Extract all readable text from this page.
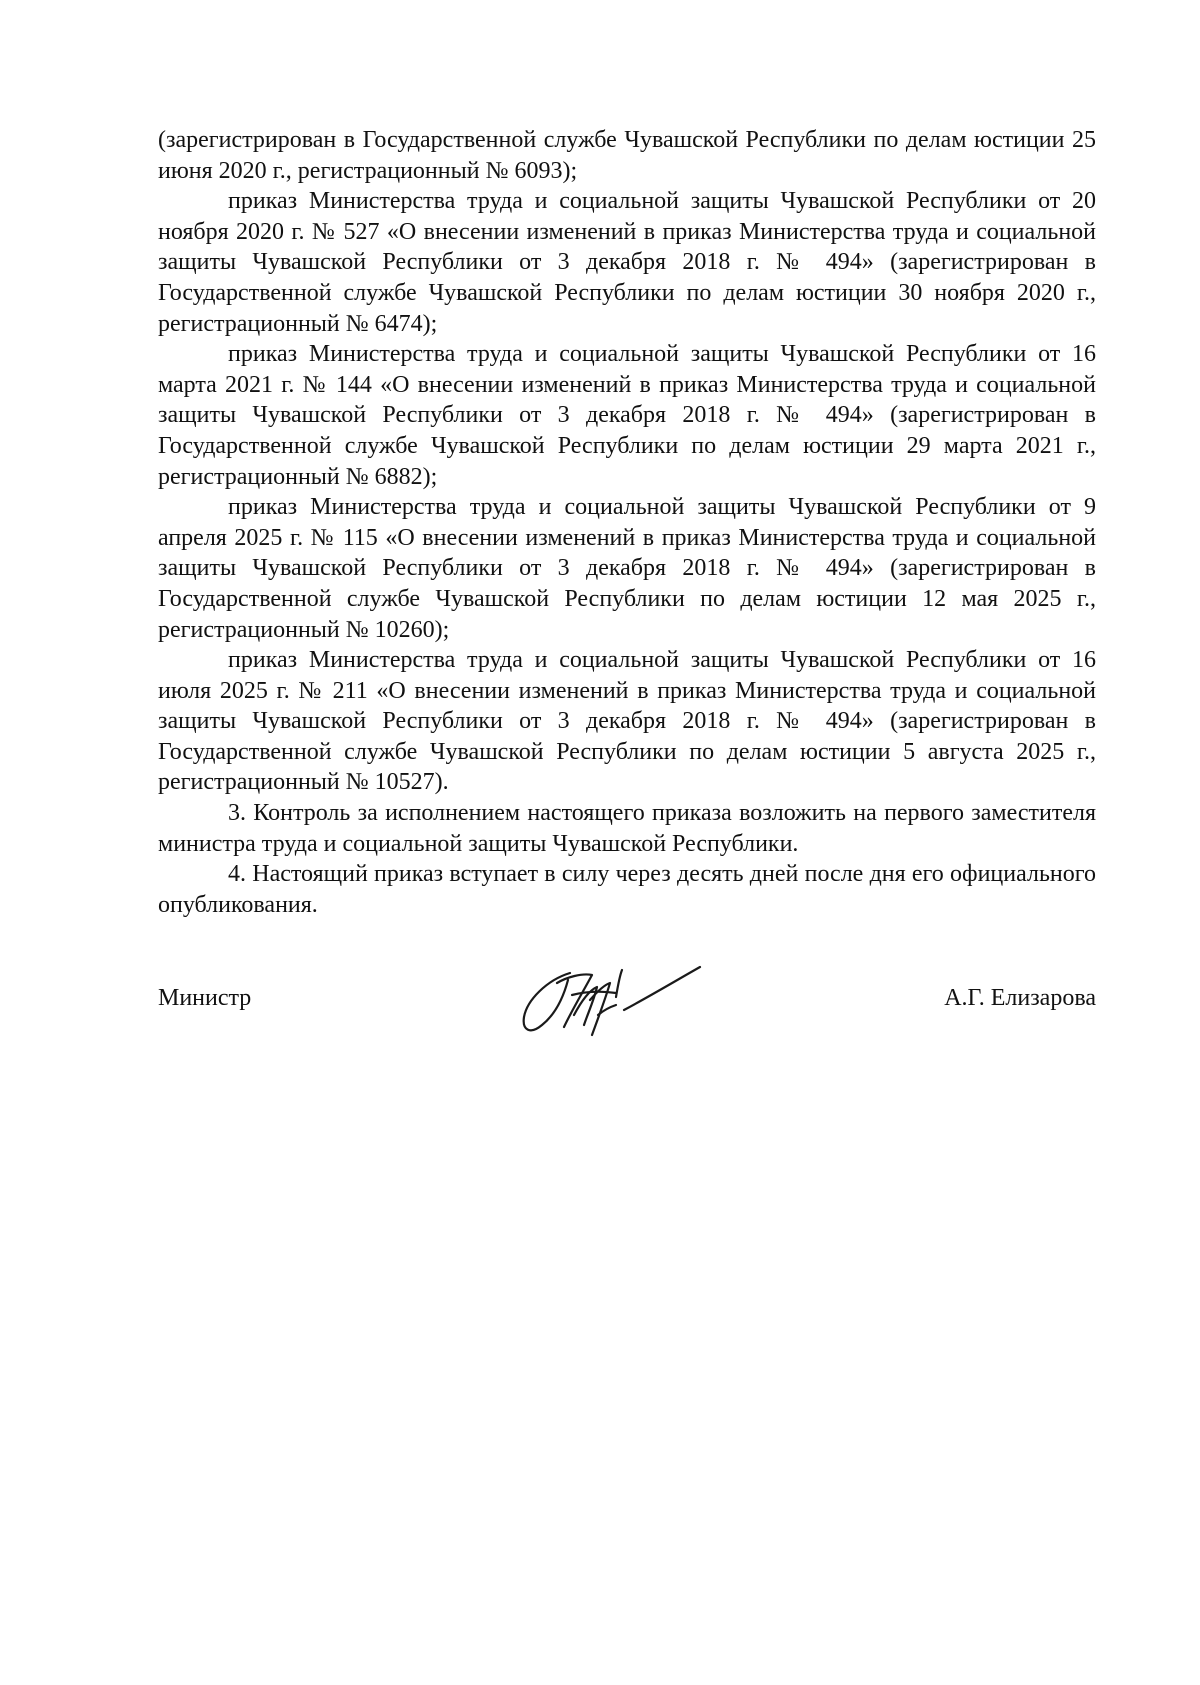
(зарегистрирован в Государственной службе Чувашской Республики по делам юстиции 25 июня 2020 г., регистрационный № 6093);

приказ Министерства труда и социальной защиты Чувашской Республики от 20 ноября 2020 г. № 527 «О внесении изменений в приказ Министерства труда и социальной защиты Чувашской Республики от 3 декабря 2018 г. № 494» (зарегистрирован в Государственной службе Чувашской Республики по делам юстиции 30 ноября 2020 г., регистрационный № 6474);

приказ Министерства труда и социальной защиты Чувашской Республики от 16 марта 2021 г. № 144 «О внесении изменений в приказ Министерства труда и социальной защиты Чувашской Республики от 3 декабря 2018 г. № 494» (зарегистрирован в Государственной службе Чувашской Республики по делам юстиции 29 марта 2021 г., регистрационный № 6882);

приказ Министерства труда и социальной защиты Чувашской Республики от 9 апреля 2025 г. № 115 «О внесении изменений в приказ Министерства труда и социальной защиты Чувашской Республики от 3 декабря 2018 г. № 494» (зарегистрирован в Государственной службе Чувашской Республики по делам юстиции 12 мая 2025 г., регистрационный № 10260);

приказ Министерства труда и социальной защиты Чувашской Республики от 16 июля 2025 г. № 211 «О внесении изменений в приказ Министерства труда и социальной защиты Чувашской Республики от 3 декабря 2018 г. № 494» (зарегистрирован в Государственной службе Чувашской Республики по делам юстиции 5 августа 2025 г., регистрационный № 10527).

3. Контроль за исполнением настоящего приказа возложить на первого заместителя министра труда и социальной защиты Чувашской Республики.

4. Настоящий приказ вступает в силу через десять дней после дня его официального опубликования.

Министр	А.Г. Елизарова
